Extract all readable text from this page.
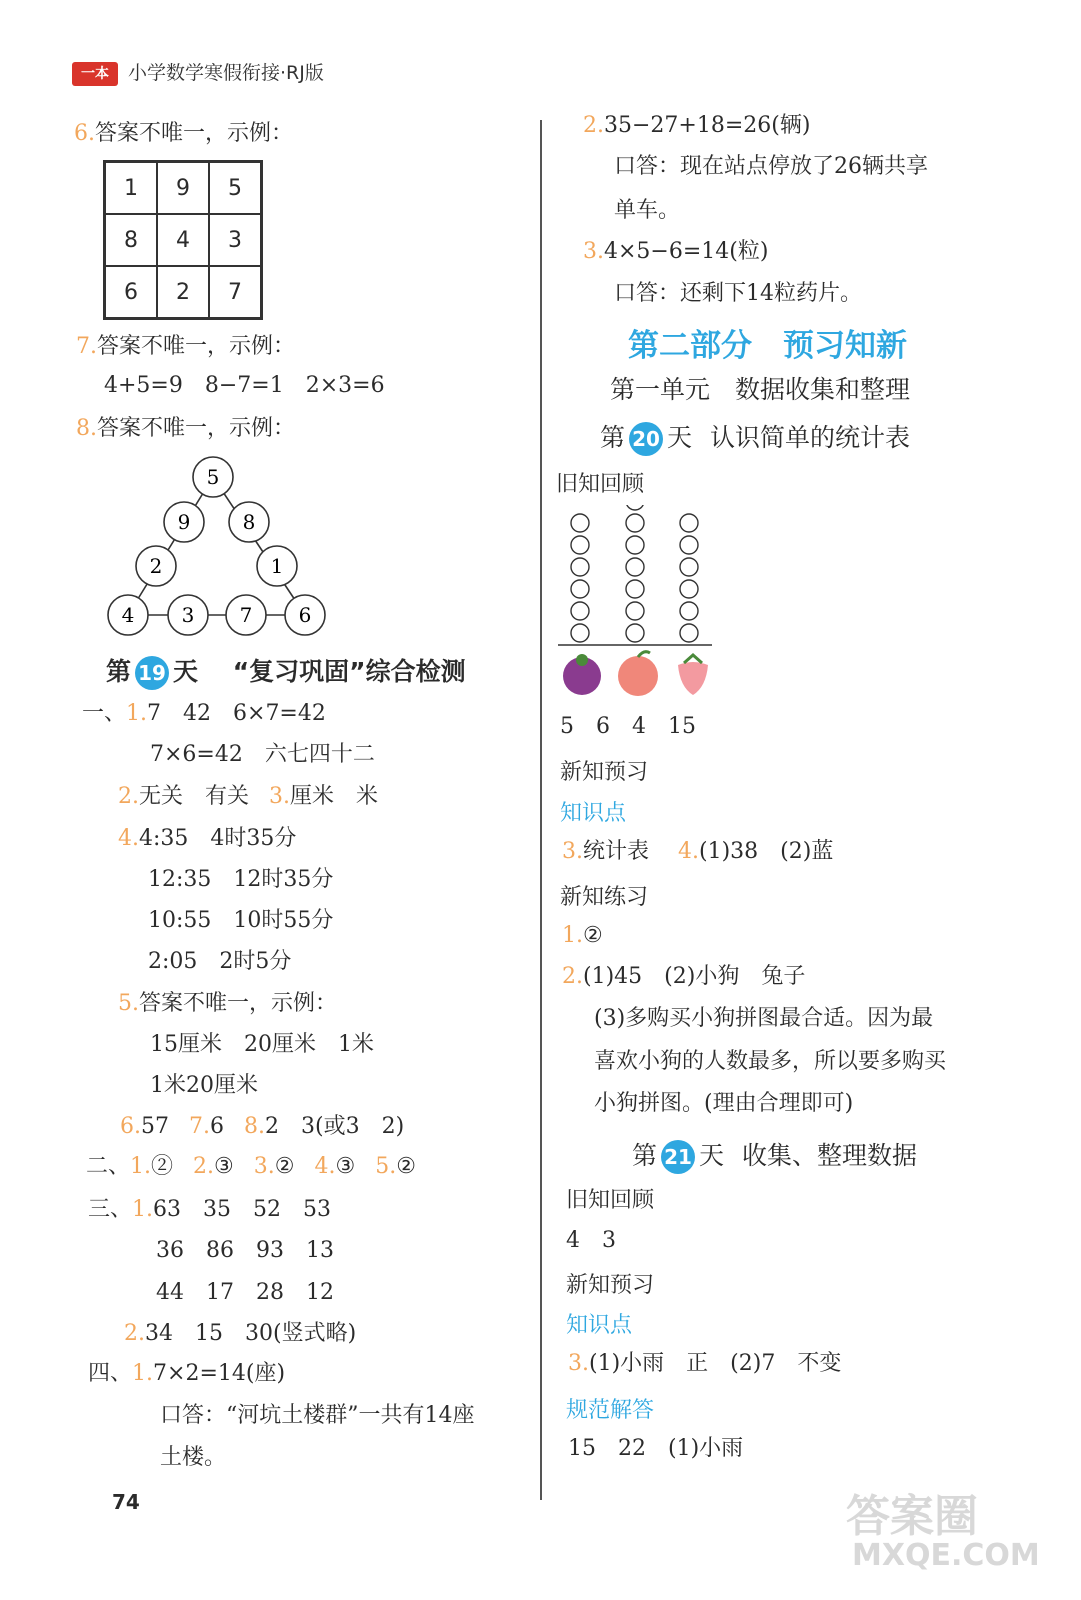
一本	小学数学寒假衔接·RJ版
6.答案不唯一，示例：
1	9	5
8	4	3
6	2	7
7.答案不唯一，示例：
4+5=9　8−7=1　2×3=6
8.答案不唯一，示例：
5
9	8
2	1
4 3 7 6
第 19 天 “复习巩固”综合检测
一、1.7　42　6×7=42
7×6=42　六七四十二
2.无关　有关 3.厘米　米
4.4:35　4时35分
12:35　12时35分
10:55　10时55分
2:05　2时5分
5.答案不唯一，示例：
15厘米　20厘米　1米
1米20厘米
6.57 7.6 8.2　3(或3　2)
二、1.② 2.③ 3.② 4.③ 5.②
三、1.63　35　52　53
36　86　93　13
44　17　28　12
2.34　15　30(竖式略)
四、1.7×2=14(座)
口答：“河坑土楼群”一共有14座
土楼。
2.35−27+18=26(辆)
口答：现在站点停放了26辆共享
单车。
3.4×5−6=14(粒)
口答：还剩下14粒药片。
第二部分　预习知新
第一单元　数据收集和整理
第 20 天 认识简单的统计表
旧知回顾
5　6　4　15
新知预习
知识点
3.统计表 4.(1)38　(2)蓝
新知练习
1.②
2.(1)45　(2)小狗　兔子
(3)多购买小狗拼图最合适。因为最
喜欢小狗的人数最多，所以要多购买
小狗拼图。(理由合理即可)
第 21 天 收集、整理数据
旧知回顾
4　3
新知预习
知识点
3.(1)小雨　正　(2)7　不变
规范解答
15　22　(1)小雨
74	答案圈
MXQE.COM
